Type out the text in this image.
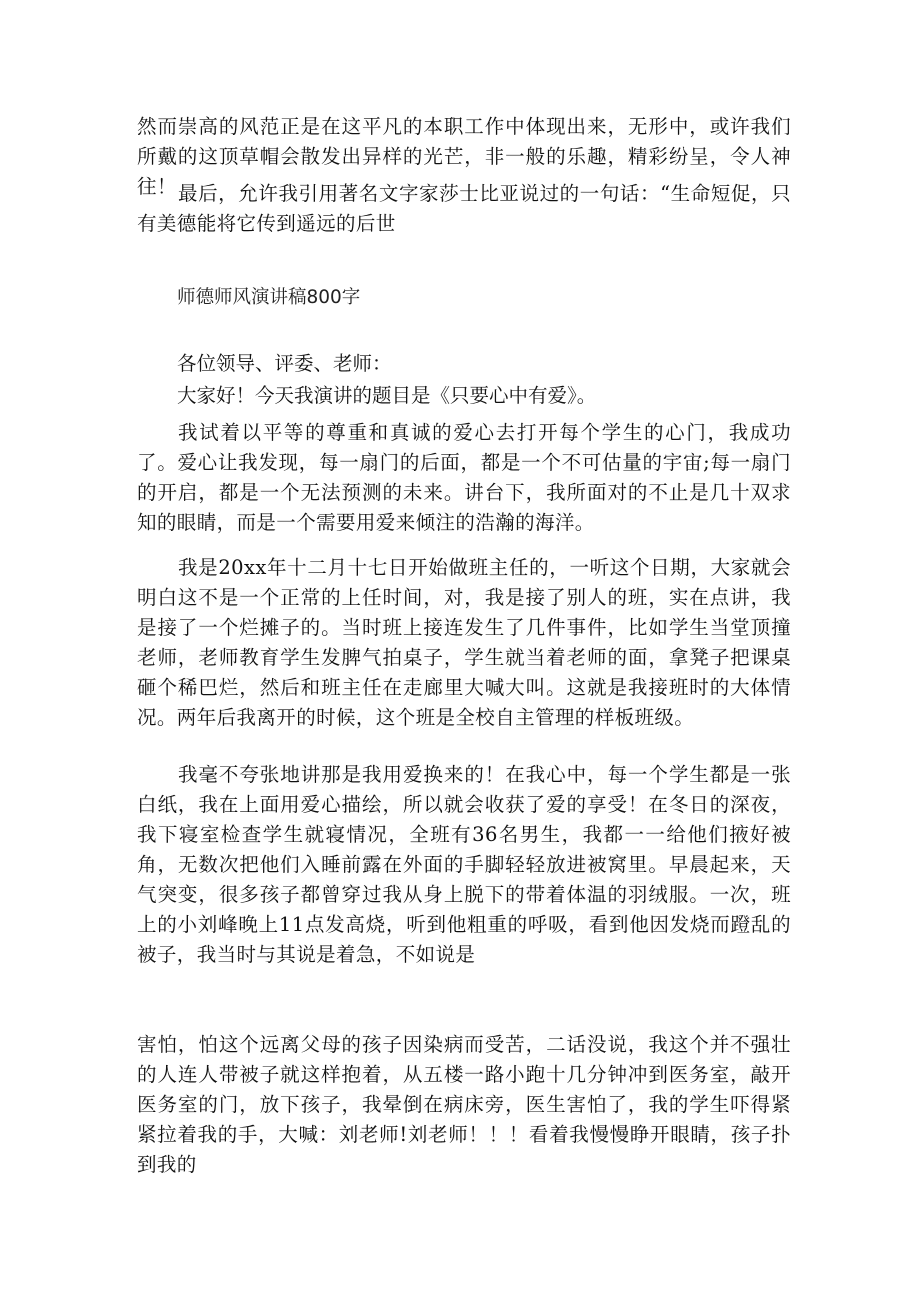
然而崇高的风范正是在这平凡的本职工作中体现出来，无形中，或许我们所戴的这顶草帽会散发出异样的光芒，非一般的乐趣，精彩纷呈，令人神往！ 最后，允许我引用著名文字家莎士比亚说过的一句话：“生命短促，只有美德能将它传到遥远的后世

师德师风演讲稿800字

各位领导、评委、老师：

大家好！今天我演讲的题目是《只要心中有爱》。

我试着以平等的尊重和真诚的爱心去打开每个学生的心门，我成功了。爱心让我发现，每一扇门的后面，都是一个不可估量的宇宙;每一扇门的开启，都是一个无法预测的未来。讲台下，我所面对的不止是几十双求知的眼睛，而是一个需要用爱来倾注的浩瀚的海洋。

我是20xx年十二月十七日开始做班主任的，一听这个日期，大家就会明白这不是一个正常的上任时间，对，我是接了别人的班，实在点讲，我是接了一个烂摊子的。当时班上接连发生了几件事件，比如学生当堂顶撞老师，老师教育学生发脾气拍桌子，学生就当着老师的面，拿凳子把课桌砸个稀巴烂，然后和班主任在走廊里大喊大叫。这就是我接班时的大体情况。两年后我离开的时候，这个班是全校自主管理的样板班级。

我毫不夸张地讲那是我用爱换来的！在我心中，每一个学生都是一张白纸，我在上面用爱心描绘，所以就会收获了爱的享受！在冬日的深夜，我下寝室检查学生就寝情况，全班有36名男生，我都一一给他们掖好被角，无数次把他们入睡前露在外面的手脚轻轻放进被窝里。早晨起来，天气突变，很多孩子都曾穿过我从身上脱下的带着体温的羽绒服。一次，班上的小刘峰晚上11点发高烧，听到他粗重的呼吸，看到他因发烧而蹬乱的被子，我当时与其说是着急，不如说是

害怕，怕这个远离父母的孩子因染病而受苦，二话没说，我这个并不强壮的人连人带被子就这样抱着，从五楼一路小跑十几分钟冲到医务室，敲开医务室的门，放下孩子，我晕倒在病床旁，医生害怕了，我的学生吓得紧紧拉着我的手，大喊：刘老师!刘老师！！！看着我慢慢睁开眼睛，孩子扑到我的
